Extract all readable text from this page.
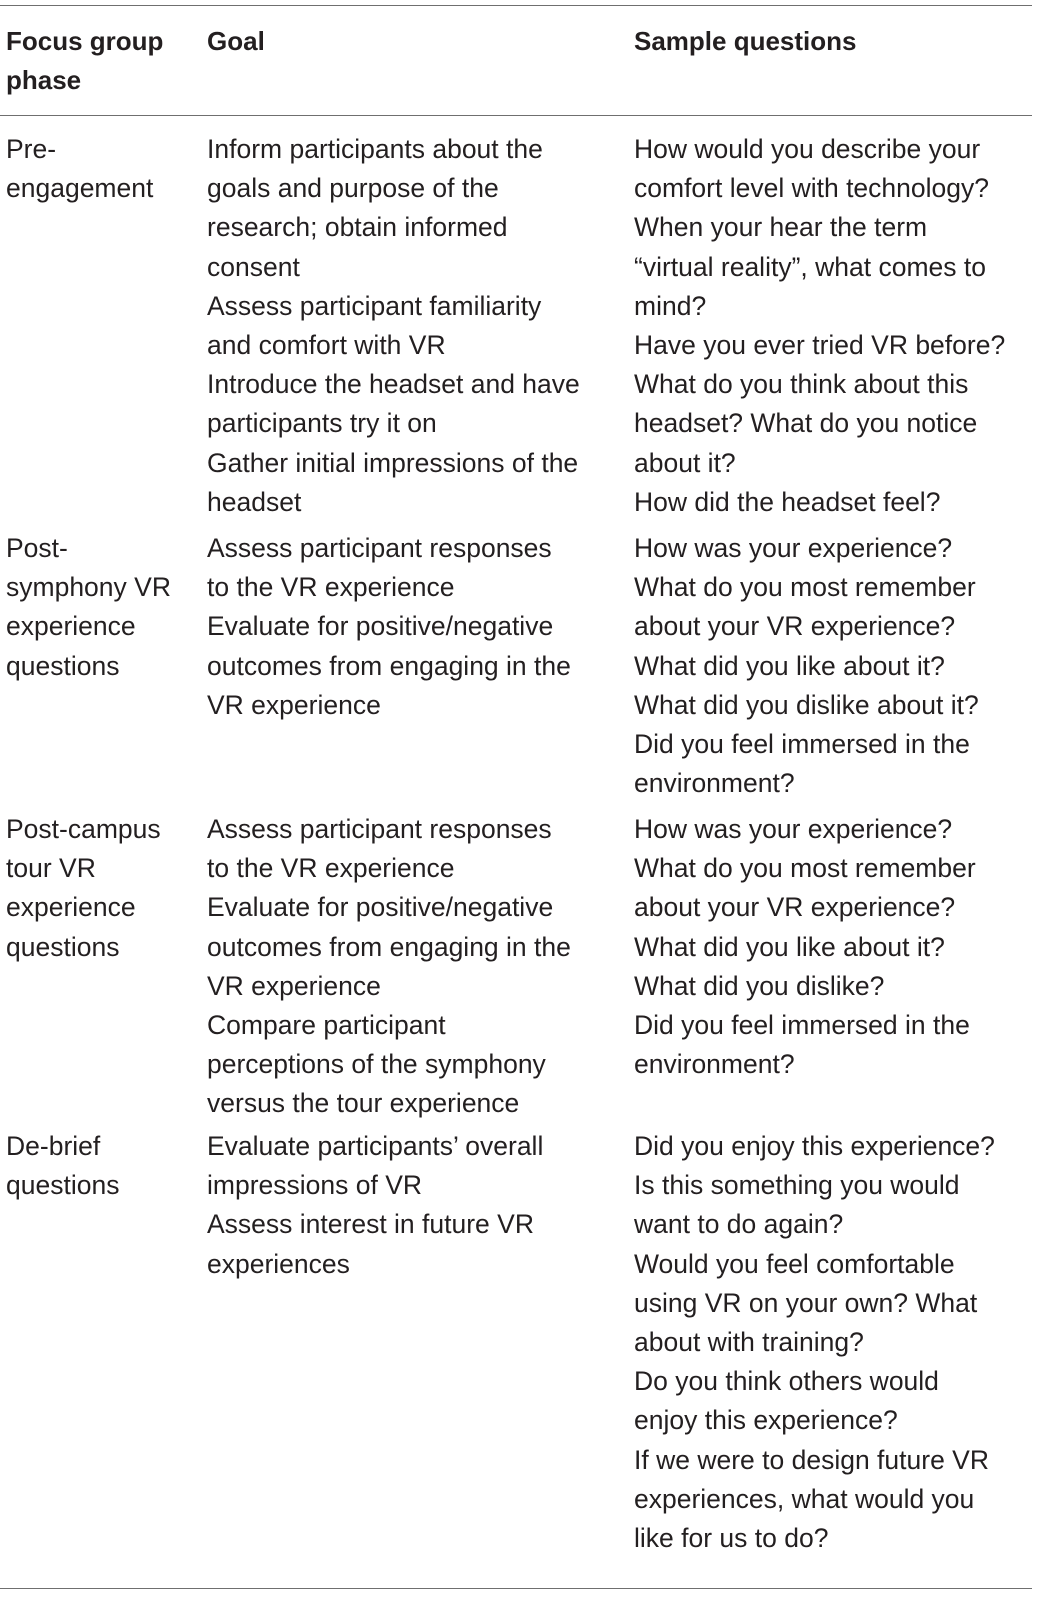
Focus group
phase
Goal	Sample questions
Pre-
engagement
Inform participants about the
goals and purpose of the
research; obtain informed
consent
Assess participant familiarity
and comfort with VR
Introduce the headset and have
participants try it on
Gather initial impressions of the
headset
How would you describe your
comfort level with technology?
When your hear the term
“virtual reality”, what comes to
mind?
Have you ever tried VR before?
What do you think about this
headset? What do you notice
about it?
How did the headset feel?
Post-
symphony VR
experience
questions
Assess participant responses
to the VR experience
Evaluate for positive/negative
outcomes from engaging in the
VR experience
How was your experience?
What do you most remember
about your VR experience?
What did you like about it?
What did you dislike about it?
Did you feel immersed in the
environment?
Post-campus
tour VR
experience
questions
Assess participant responses
to the VR experience
Evaluate for positive/negative
outcomes from engaging in the
VR experience
Compare participant
perceptions of the symphony
versus the tour experience
How was your experience?
What do you most remember
about your VR experience?
What did you like about it?
What did you dislike?
Did you feel immersed in the
environment?
De-brief
questions
Evaluate participants’ overall
impressions of VR
Assess interest in future VR
experiences
Did you enjoy this experience?
Is this something you would
want to do again?
Would you feel comfortable
using VR on your own? What
about with training?
Do you think others would
enjoy this experience?
If we were to design future VR
experiences, what would you
like for us to do?
